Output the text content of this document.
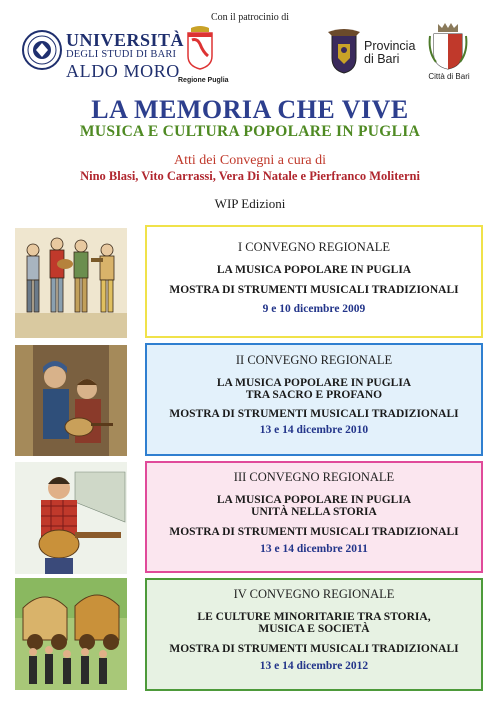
Con il patrocinio di
UNIVERSITÀ
DEGLI STUDI DI BARI
ALDO MORO
Regione Puglia
Provincia
di Bari
Città di Bari
LA MEMORIA CHE VIVE
MUSICA E CULTURA POPOLARE IN PUGLIA
Atti dei Convegni a cura di
Nino Blasi, Vito Carrassi, Vera Di Natale e Pierfranco Moliterni
WIP Edizioni
I CONVEGNO REGIONALE
LA MUSICA POPOLARE IN PUGLIA
MOSTRA DI STRUMENTI MUSICALI TRADIZIONALI
9 e 10 dicembre 2009
II CONVEGNO REGIONALE
LA MUSICA POPOLARE IN PUGLIA
TRA SACRO E PROFANO
MOSTRA DI STRUMENTI MUSICALI TRADIZIONALI
13 e 14 dicembre 2010
III CONVEGNO REGIONALE
LA MUSICA POPOLARE IN PUGLIA
UNITÀ NELLA STORIA
MOSTRA DI STRUMENTI MUSICALI TRADIZIONALI
13 e 14 dicembre 2011
IV CONVEGNO REGIONALE
LE CULTURE MINORITARIE TRA STORIA,
MUSICA E SOCIETÀ
MOSTRA DI STRUMENTI MUSICALI TRADIZIONALI
13 e 14 dicembre 2012
